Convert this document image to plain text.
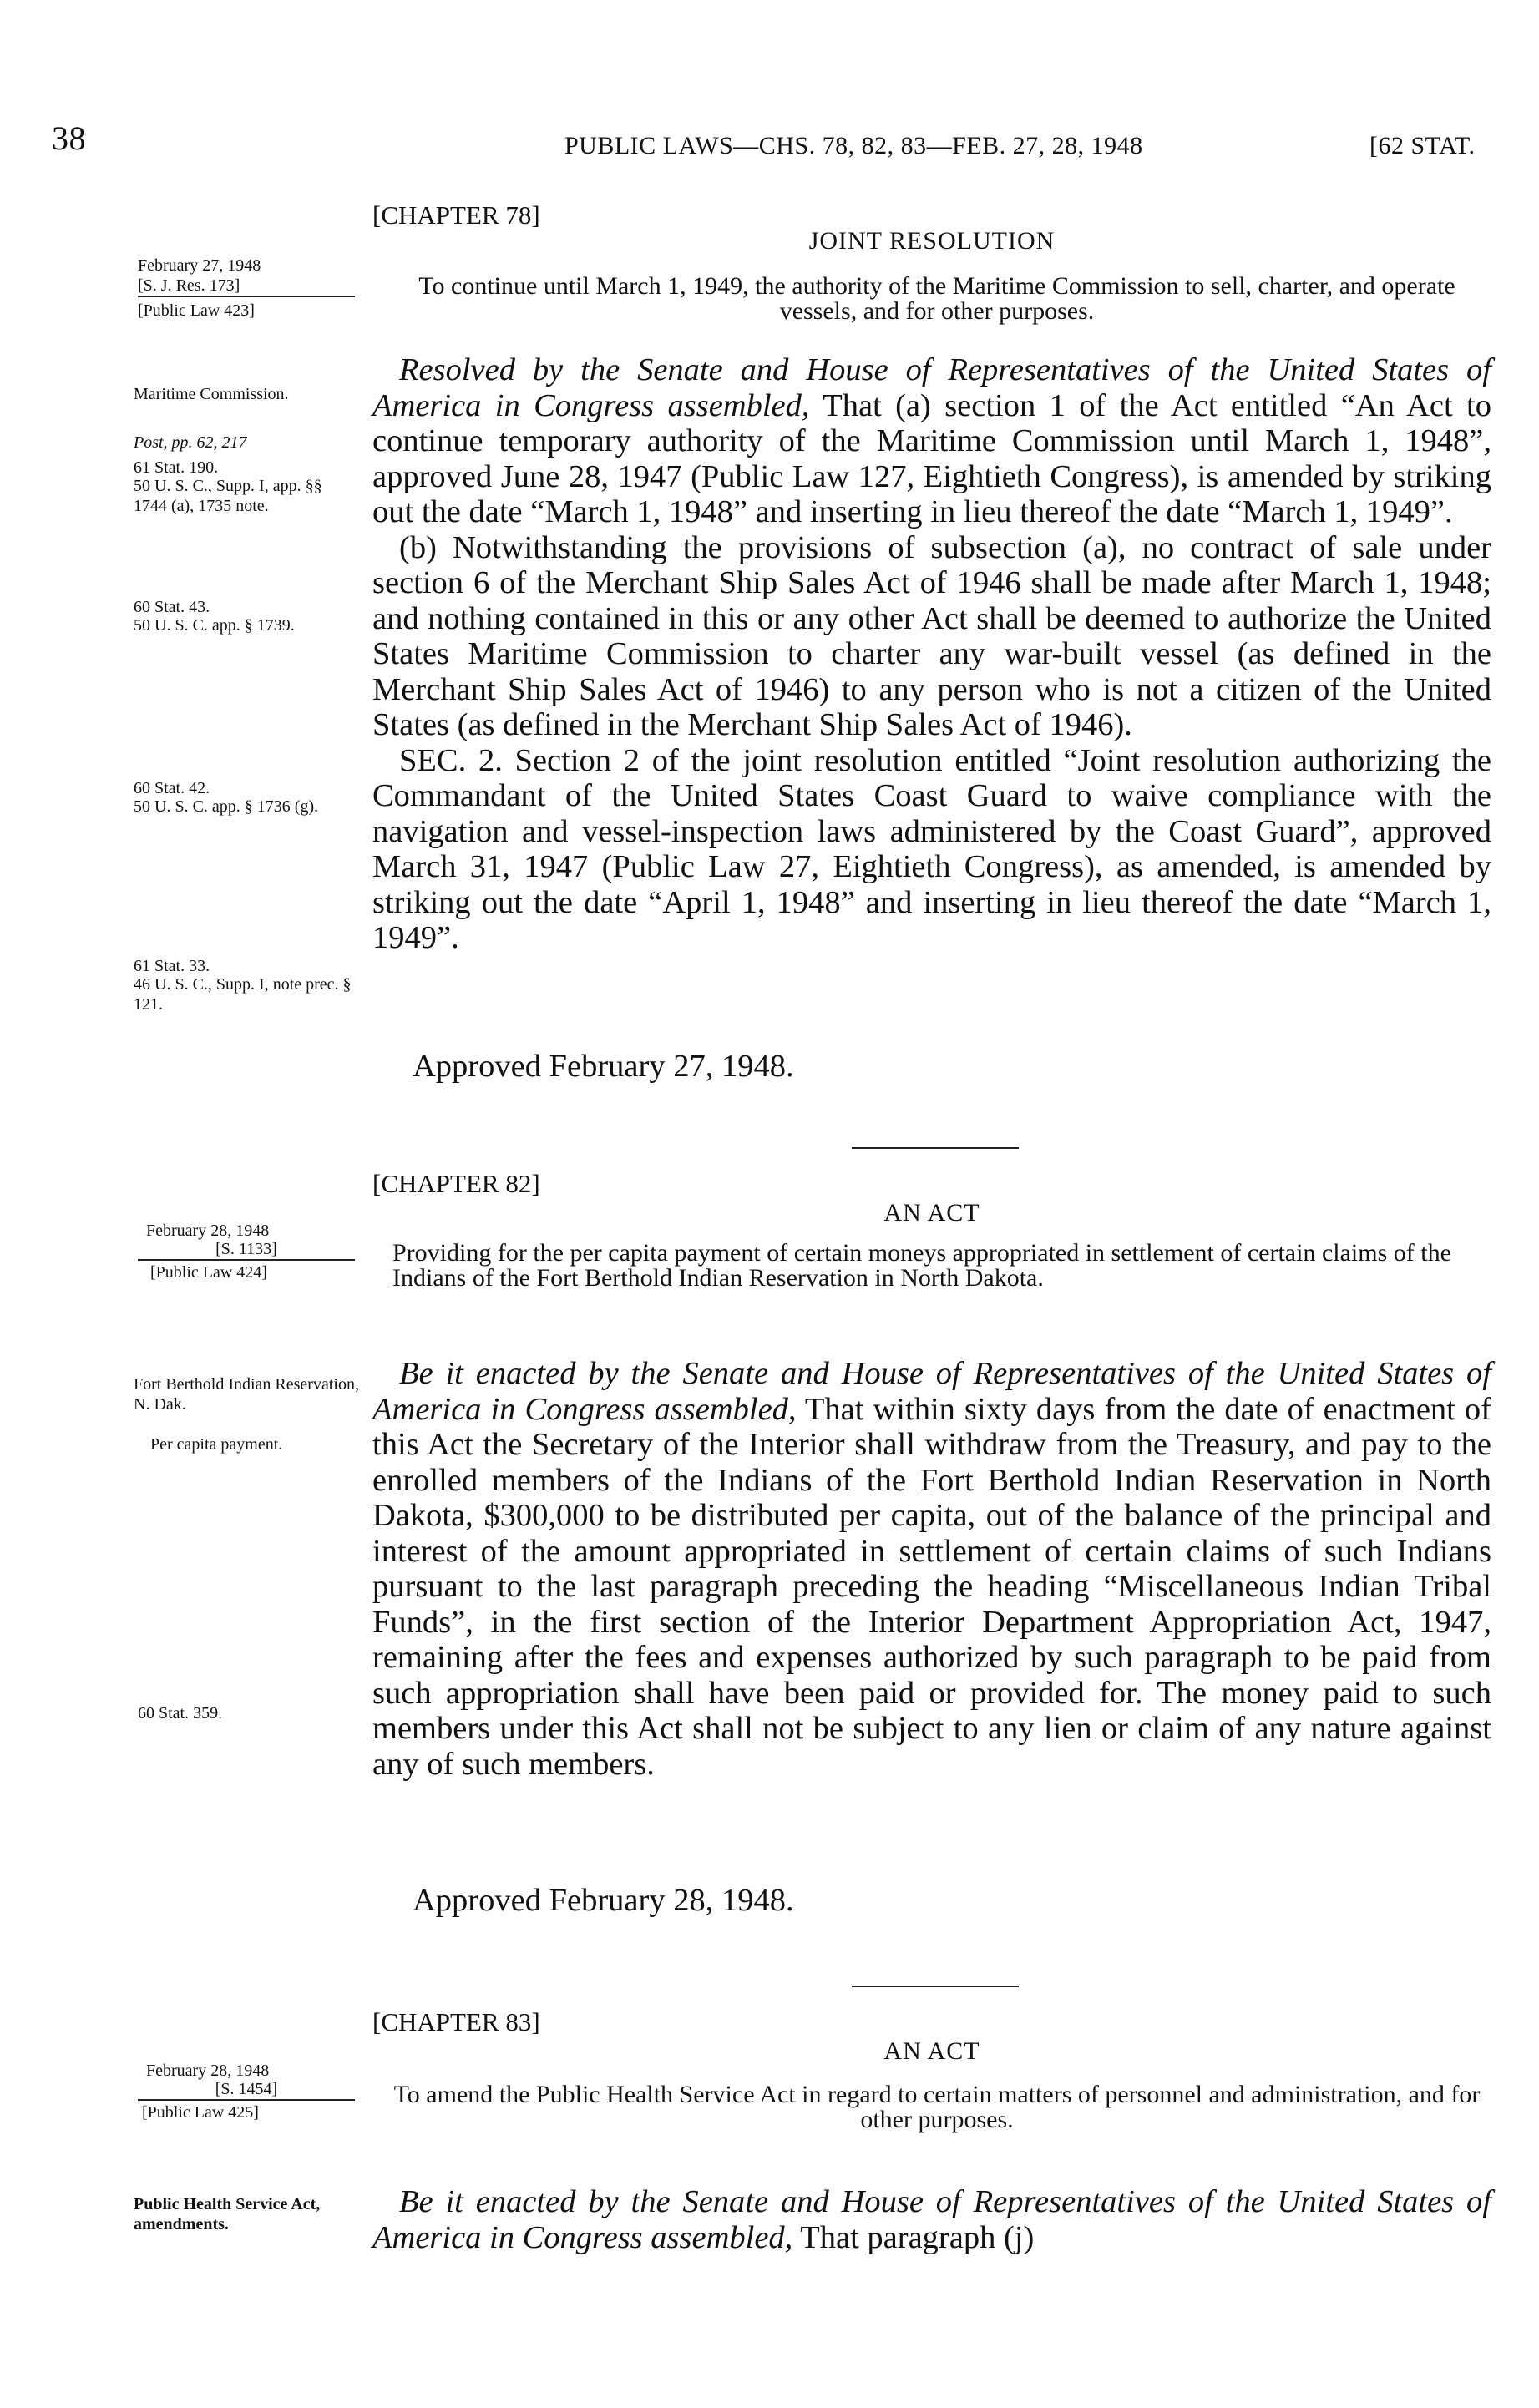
38	PUBLIC LAWS—CHS. 78, 82, 83—FEB. 27, 28, 1948	[62 STAT.
[CHAPTER 78]
JOINT RESOLUTION
To continue until March 1, 1949, the authority of the Maritime Commission to sell, charter, and operate vessels, and for other purposes.
February 27, 1948
[S. J. Res. 173]
[Public Law 423]
Maritime Commission.
Post, pp. 62, 217
61 Stat. 190.
50 U. S. C., Supp. I, app. §§ 1744 (a), 1735 note.
60 Stat. 43.
50 U. S. C. app. § 1739.
60 Stat. 42.
50 U. S. C. app. § 1736 (g).
61 Stat. 33.
46 U. S. C., Supp. I, note prec. § 121.

Resolved by the Senate and House of Representatives of the United States of America in Congress assembled, That (a) section 1 of the Act entitled “An Act to continue temporary authority of the Maritime Commission until March 1, 1948”, approved June 28, 1947 (Public Law 127, Eightieth Congress), is amended by striking out the date “March 1, 1948” and inserting in lieu thereof the date “March 1, 1949”.

(b) Notwithstanding the provisions of subsection (a), no contract of sale under section 6 of the Merchant Ship Sales Act of 1946 shall be made after March 1, 1948; and nothing contained in this or any other Act shall be deemed to authorize the United States Maritime Commission to charter any war-built vessel (as defined in the Merchant Ship Sales Act of 1946) to any person who is not a citizen of the United States (as defined in the Merchant Ship Sales Act of 1946).

SEC. 2. Section 2 of the joint resolution entitled “Joint resolution authorizing the Commandant of the United States Coast Guard to waive compliance with the navigation and vessel-inspection laws administered by the Coast Guard”, approved March 31, 1947 (Public Law 27, Eightieth Congress), as amended, is amended by striking out the date “April 1, 1948” and inserting in lieu thereof the date “March 1, 1949”.

Approved February 27, 1948.
[CHAPTER 82]
AN ACT
Providing for the per capita payment of certain moneys appropriated in settlement of certain claims of the Indians of the Fort Berthold Indian Reservation in North Dakota.
February 28, 1948
[S. 1133]
[Public Law 424]
Fort Berthold Indian Reservation, N. Dak.
Per capita payment.
60 Stat. 359.

Be it enacted by the Senate and House of Representatives of the United States of America in Congress assembled, That within sixty days from the date of enactment of this Act the Secretary of the Interior shall withdraw from the Treasury, and pay to the enrolled members of the Indians of the Fort Berthold Indian Reservation in North Dakota, $300,000 to be distributed per capita, out of the balance of the principal and interest of the amount appropriated in settlement of certain claims of such Indians pursuant to the last paragraph preceding the heading “Miscellaneous Indian Tribal Funds”, in the first section of the Interior Department Appropriation Act, 1947, remaining after the fees and expenses authorized by such paragraph to be paid from such appropriation shall have been paid or provided for. The money paid to such members under this Act shall not be subject to any lien or claim of any nature against any of such members.

Approved February 28, 1948.
[CHAPTER 83]
AN ACT
To amend the Public Health Service Act in regard to certain matters of personnel and administration, and for other purposes.
February 28, 1948
[S. 1454]
[Public Law 425]
Public Health Service Act, amendments.

Be it enacted by the Senate and House of Representatives of the United States of America in Congress assembled, That paragraph (j)
